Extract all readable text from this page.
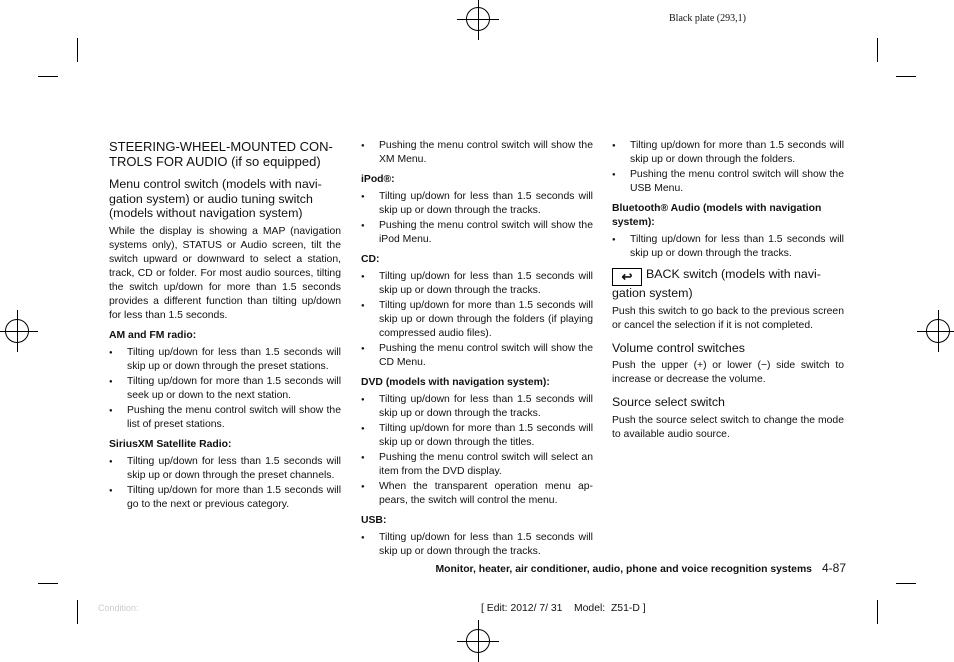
Black plate (293,1)
STEERING-WHEEL-MOUNTED CON- TROLS FOR AUDIO (if so equipped)
Menu control switch (models with navi- gation system) or audio tuning switch (models without navigation system)
While the display is showing a MAP (navigation systems only), STATUS or Audio screen, tilt the switch upward or downward to select a station, track, CD or folder. For most audio sources, tilting the switch up/down for more than 1.5 seconds provides a different function than tilting up/down for less than 1.5 seconds.
AM and FM radio:
● Tilting up/down for less than 1.5 seconds will skip up or down through the preset stations.
● Tilting up/down for more than 1.5 seconds will seek up or down to the next station.
● Pushing the menu control switch will show the list of preset stations.
SiriusXM Satellite Radio:
● Tilting up/down for less than 1.5 seconds will skip up or down through the preset channels.
● Tilting up/down for more than 1.5 seconds will go to the next or previous category.
● Pushing the menu control switch will show the XM Menu.
iPod®:
● Tilting up/down for less than 1.5 seconds will skip up or down through the tracks.
● Pushing the menu control switch will show the iPod Menu.
CD:
● Tilting up/down for less than 1.5 seconds will skip up or down through the tracks.
● Tilting up/down for more than 1.5 seconds will skip up or down through the folders (if playing compressed audio files).
● Pushing the menu control switch will show the CD Menu.
DVD (models with navigation system):
● Tilting up/down for less than 1.5 seconds will skip up or down through the tracks.
● Tilting up/down for more than 1.5 seconds will skip up or down through the titles.
● Pushing the menu control switch will select an item from the DVD display.
● When the transparent operation menu ap- pears, the switch will control the menu.
USB:
● Tilting up/down for less than 1.5 seconds will skip up or down through the tracks.
● Tilting up/down for more than 1.5 seconds will skip up or down through the folders.
● Pushing the menu control switch will show the USB Menu.
Bluetooth® Audio (models with navigation system):
● Tilting up/down for less than 1.5 seconds will skip up or down through the tracks.
↩ BACK switch (models with navi- gation system)
Push this switch to go back to the previous screen or cancel the selection if it is not completed.
Volume control switches
Push the upper (+) or lower (−) side switch to increase or decrease the volume.
Source select switch
Push the source select switch to change the mode to available audio source.
Monitor, heater, air conditioner, audio, phone and voice recognition systems 4-87
Condition:	[ Edit: 2012/ 7/ 31    Model:  Z51-D ]
